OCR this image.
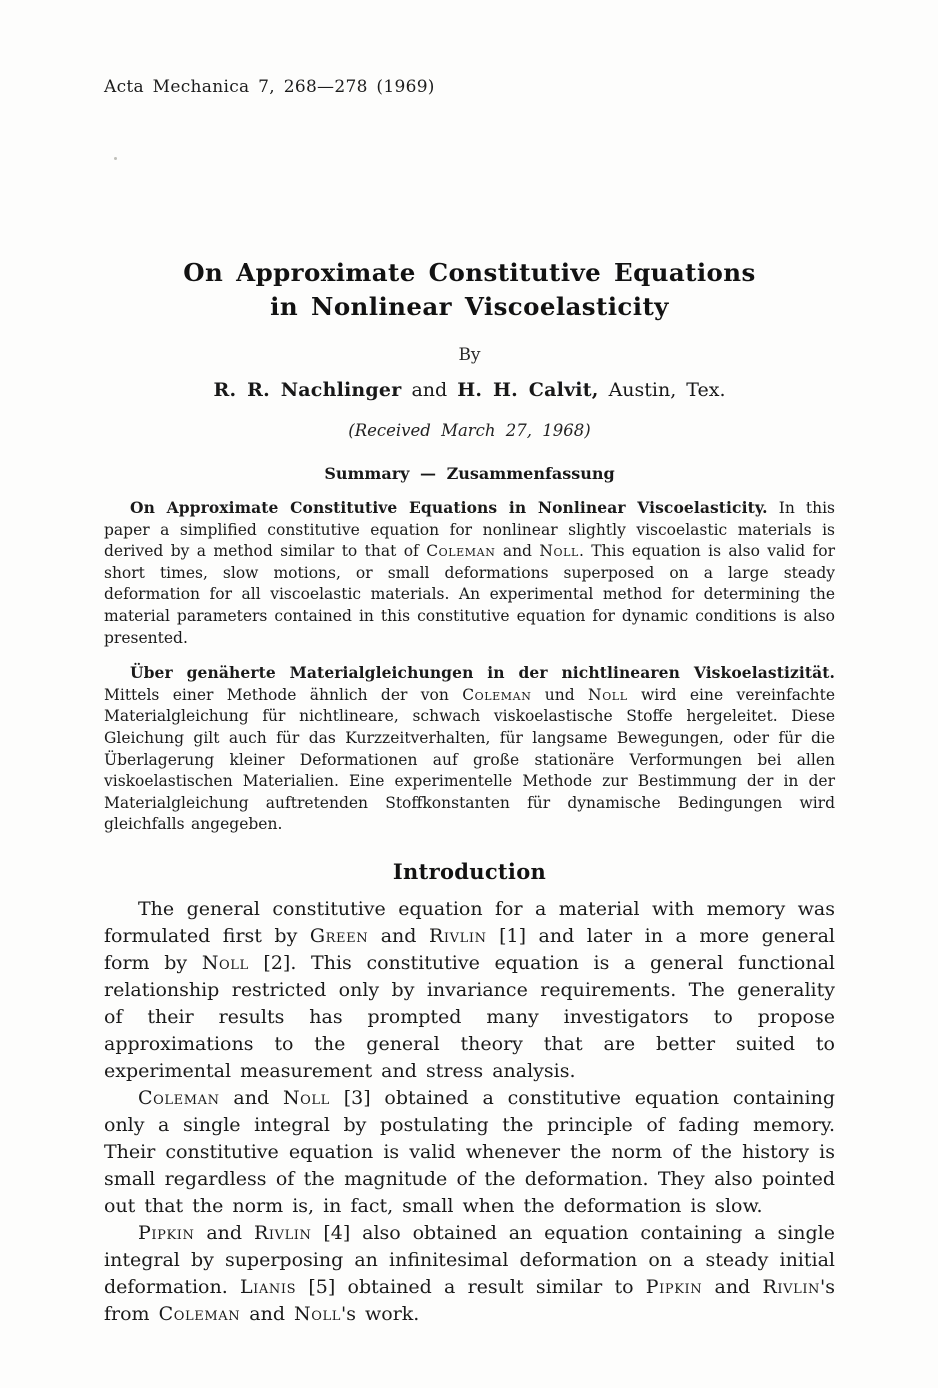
Acta Mechanica 7, 268—278 (1969)
On Approximate Constitutive Equations
in Nonlinear Viscoelasticity
By
R. R. Nachlinger and H. H. Calvit, Austin, Tex.
(Received March 27, 1968)
Summary — Zusammenfassung

On Approximate Constitutive Equations in Nonlinear Viscoelasticity. In this paper a simplified constitutive equation for nonlinear slightly viscoelastic materials is derived by a method similar to that of Coleman and Noll. This equation is also valid for short times, slow motions, or small deformations superposed on a large steady deformation for all viscoelastic materials. An experimental method for determining the material parameters contained in this constitutive equation for dynamic conditions is also presented.

Über genäherte Materialgleichungen in der nichtlinearen Viskoelastizität. Mittels einer Methode ähnlich der von Coleman und Noll wird eine vereinfachte Materialgleichung für nichtlineare, schwach viskoelastische Stoffe hergeleitet. Diese Gleichung gilt auch für das Kurzzeitverhalten, für langsame Bewegungen, oder für die Überlagerung kleiner Deformationen auf große stationäre Verformungen bei allen viskoelastischen Materialien. Eine experimentelle Methode zur Bestimmung der in der Materialgleichung auftretenden Stoffkonstanten für dynamische Bedingungen wird gleichfalls angegeben.

Introduction

The general constitutive equation for a material with memory was formulated first by Green and Rivlin [1] and later in a more general form by Noll [2]. This constitutive equation is a general functional relationship restricted only by invariance requirements. The generality of their results has prompted many investigators to propose approximations to the general theory that are better suited to experimental measurement and stress analysis.

Coleman and Noll [3] obtained a constitutive equation containing only a single integral by postulating the principle of fading memory. Their constitutive equation is valid whenever the norm of the history is small regardless of the magnitude of the deformation. They also pointed out that the norm is, in fact, small when the deformation is slow.

Pipkin and Rivlin [4] also obtained an equation containing a single integral by superposing an infinitesimal deformation on a steady initial deformation. Lianis [5] obtained a result similar to Pipkin and Rivlin's from Coleman and Noll's work.
